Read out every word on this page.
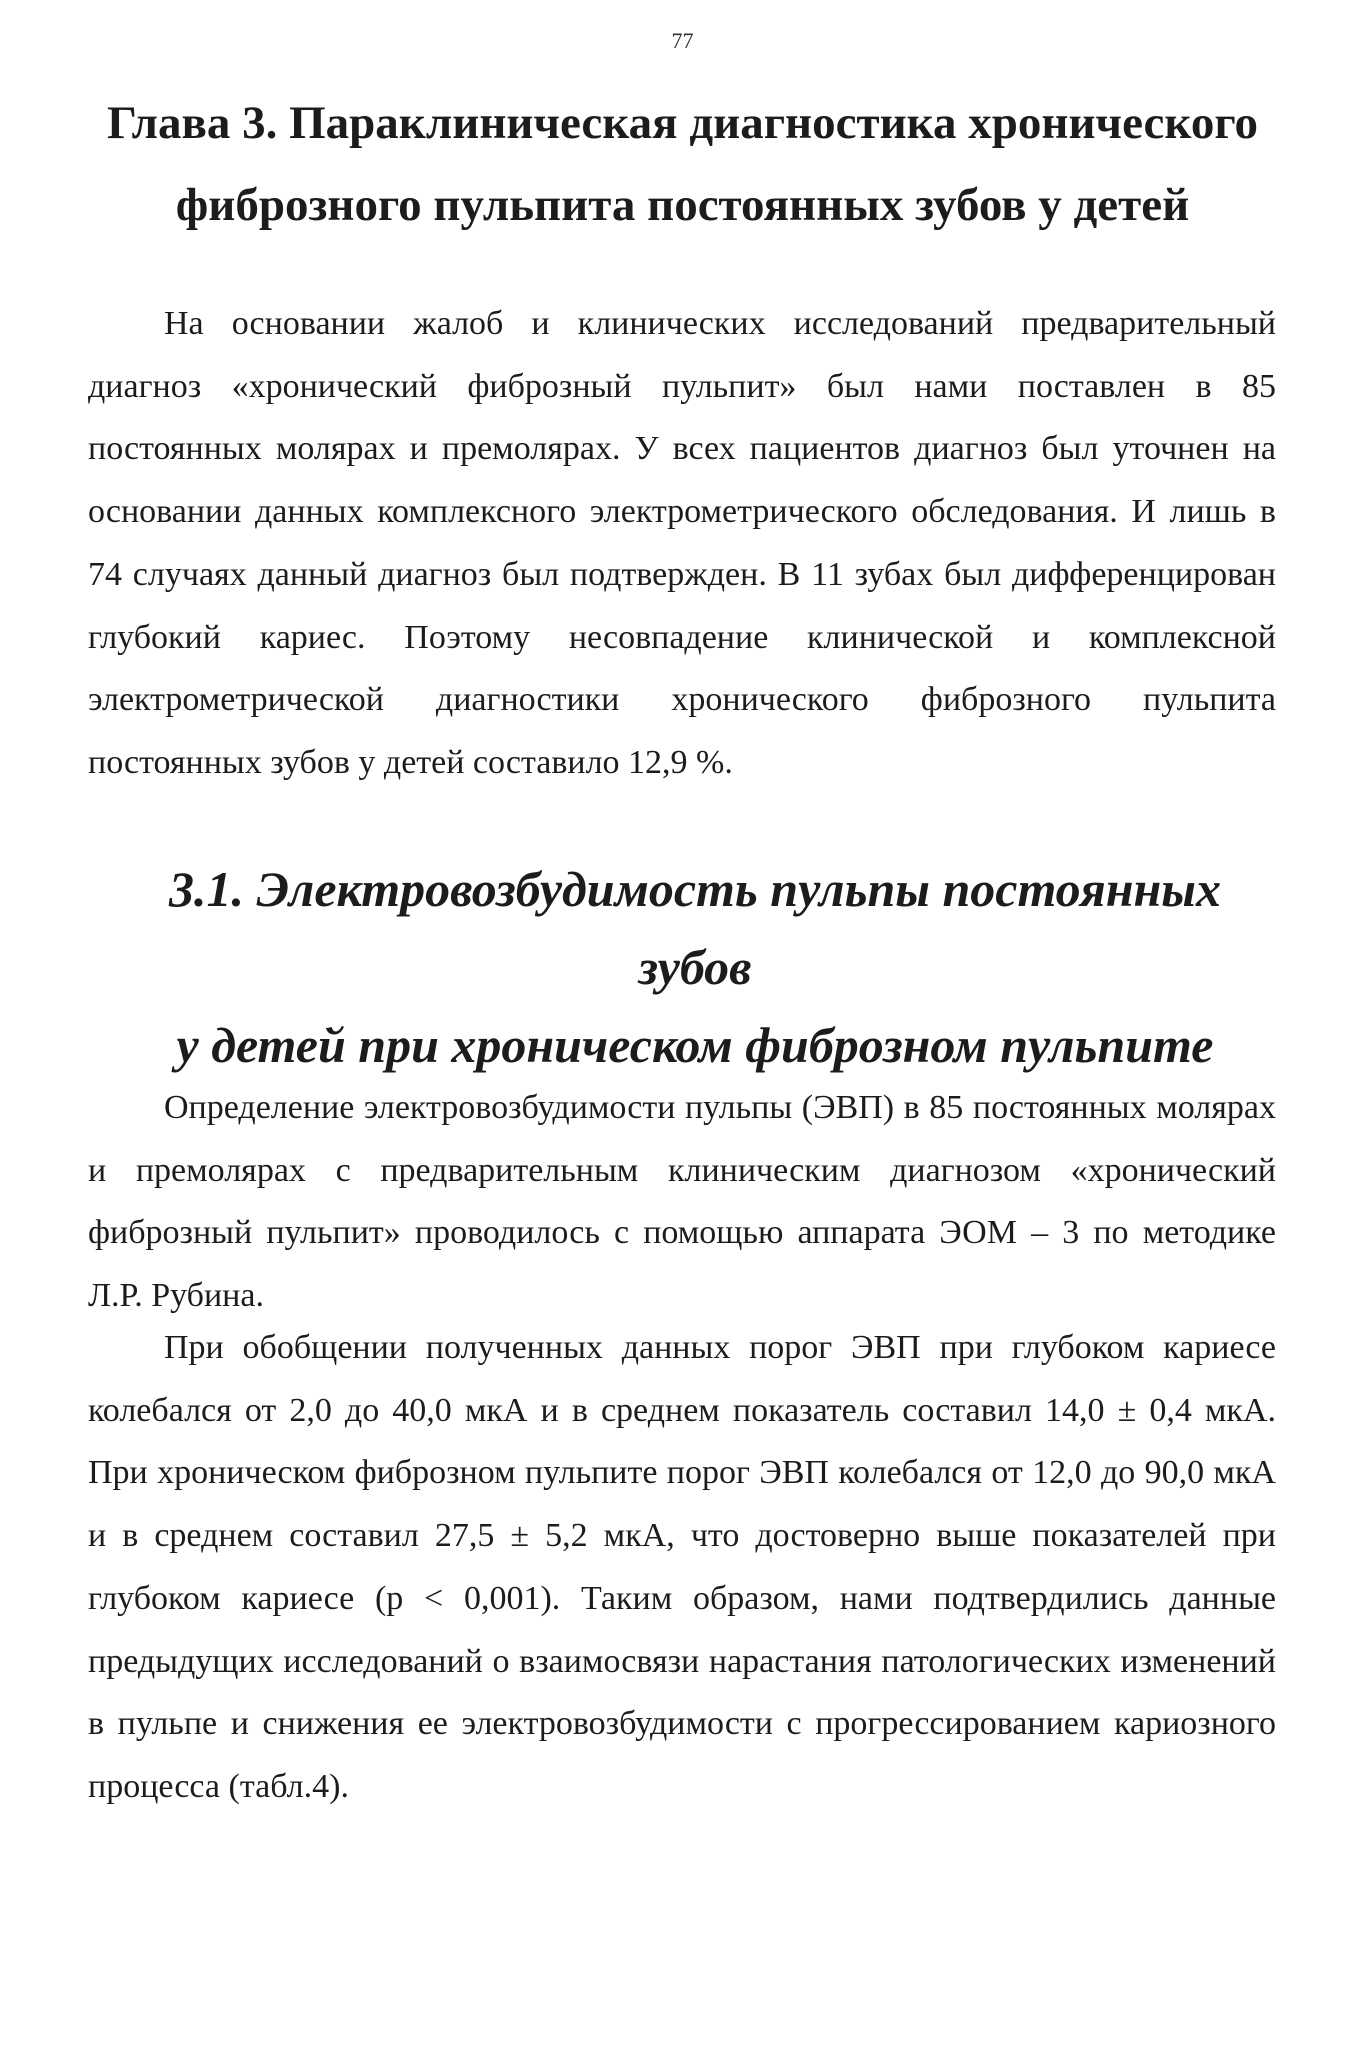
77
Глава 3. Параклиническая диагностика хронического
фиброзного пульпита постоянных зубов у детей

На основании жалоб и клинических исследований предварительный диагноз «хронический фиброзный пульпит» был нами поставлен в 85 постоянных молярах и премолярах. У всех пациентов диагноз был уточнен на основании данных комплексного электрометрического обследования. И лишь в 74 случаях данный диагноз был подтвержден. В 11 зубах был дифференцирован глубокий кариес. Поэтому несовпадение клинической и комплексной электрометрической диагностики хронического фиброзного пульпита постоянных зубов у детей составило 12,9 %.

3.1. Электровозбудимость пульпы постоянных зубов
у детей при хроническом фиброзном пульпите

Определение электровозбудимости пульпы (ЭВП) в 85 постоянных молярах и премолярах с предварительным клиническим диагнозом «хронический фиброзный пульпит» проводилось с помощью аппарата ЭОМ – 3 по методике Л.Р. Рубина.

При обобщении полученных данных порог ЭВП при глубоком кариесе колебался от 2,0 до 40,0 мкА и в среднем показатель составил 14,0 ± 0,4 мкА. При хроническом фиброзном пульпите порог ЭВП колебался от 12,0 до 90,0 мкА и в среднем составил 27,5 ± 5,2 мкА, что достоверно выше показателей при глубоком кариесе (р < 0,001). Таким образом, нами подтвердились данные предыдущих исследований о взаимосвязи нарастания патологических изменений в пульпе и снижения ее электровозбудимости с прогрессированием кариозного процесса (табл.4).
